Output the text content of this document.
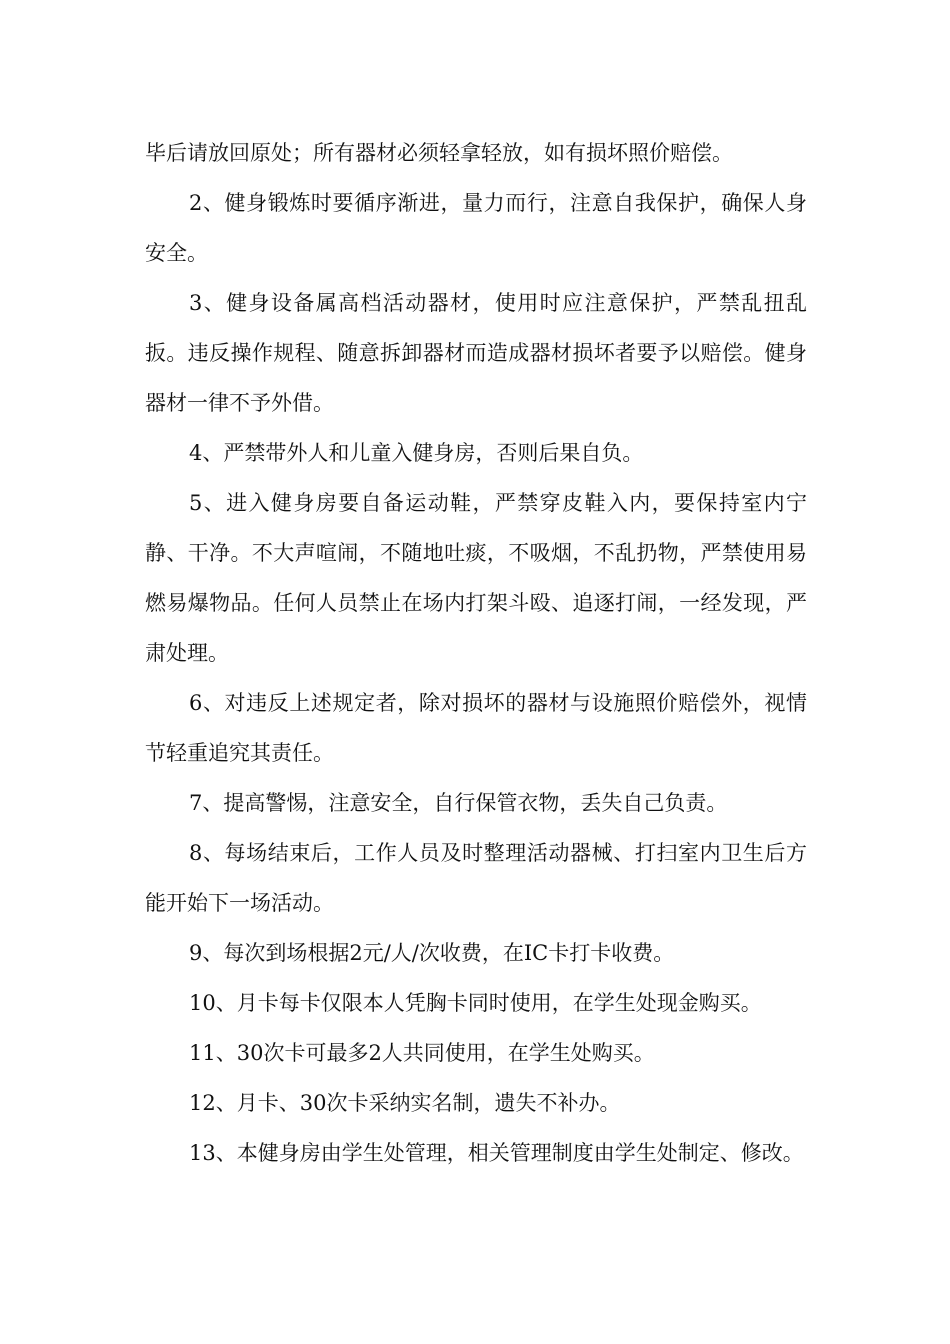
毕后请放回原处；所有器材必须轻拿轻放，如有损坏照价赔偿。

2、健身锻炼时要循序渐进，量力而行，注意自我保护，确保人身安全。

3、健身设备属高档活动器材，使用时应注意保护，严禁乱扭乱扳。违反操作规程、随意拆卸器材而造成器材损坏者要予以赔偿。健身器材一律不予外借。

4、严禁带外人和儿童入健身房，否则后果自负。

5、进入健身房要自备运动鞋，严禁穿皮鞋入内，要保持室内宁静、干净。不大声喧闹，不随地吐痰，不吸烟，不乱扔物，严禁使用易燃易爆物品。任何人员禁止在场内打架斗殴、追逐打闹，一经发现，严肃处理。

6、对违反上述规定者，除对损坏的器材与设施照价赔偿外，视情节轻重追究其责任。

7、提高警惕，注意安全，自行保管衣物，丢失自己负责。

8、每场结束后，工作人员及时整理活动器械、打扫室内卫生后方能开始下一场活动。

9、每次到场根据2元/人/次收费，在IC卡打卡收费。

10、月卡每卡仅限本人凭胸卡同时使用，在学生处现金购买。

11、30次卡可最多2人共同使用，在学生处购买。

12、月卡、30次卡采纳实名制，遗失不补办。

13、本健身房由学生处管理，相关管理制度由学生处制定、修改。
